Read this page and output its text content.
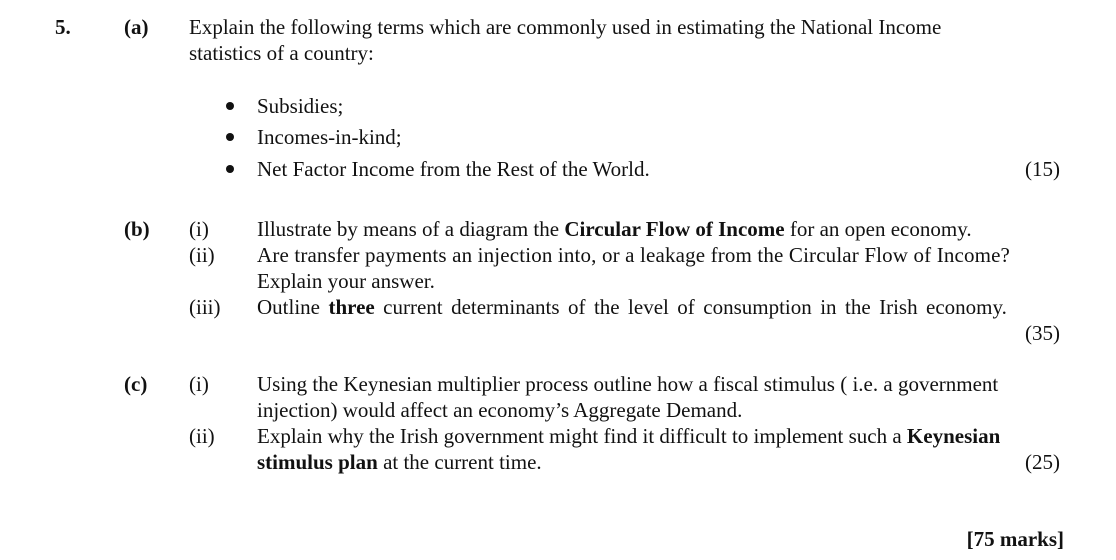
5.	(a) Explain the following terms which are commonly used in estimating the National Income
statistics of a country:
Subsidies;
Incomes-in-kind;
Net Factor Income from the Rest of the World.	(15)
(b) (i) Illustrate by means of a diagram the Circular Flow of Income for an open economy.
(ii) Are transfer payments an injection into, or a leakage from the Circular Flow of Income?
Explain your answer.
(iii) Outline three current determinants of the level of consumption in the Irish economy.
(35)
(c) (i) Using the Keynesian multiplier process outline how a fiscal stimulus ( i.e. a government
injection) would affect an economy’s Aggregate Demand.
(ii) Explain why the Irish government might find it difficult to implement such a Keynesian
stimulus plan at the current time.	(25)
[75 marks]
